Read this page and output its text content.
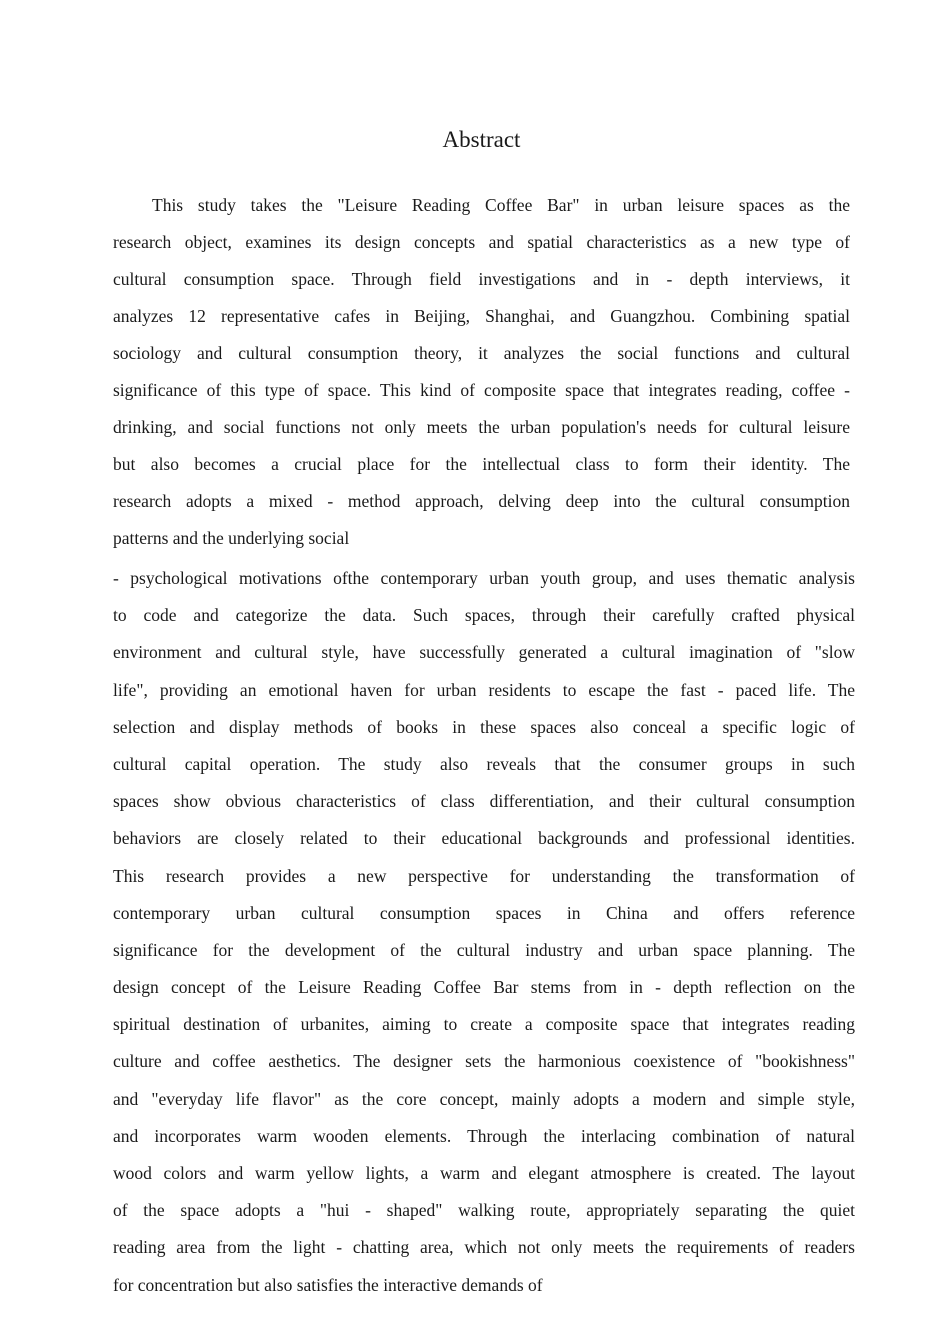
Abstract
This study takes the "Leisure Reading Coffee Bar" in urban leisure spaces as the
research object, examines its design concepts and spatial characteristics as a new type of
cultural consumption space. Through field investigations and in - depth interviews, it
analyzes 12 representative cafes in Beijing, Shanghai, and Guangzhou. Combining spatial
sociology and cultural consumption theory, it analyzes the social functions and cultural
significance of this type of space. This kind of composite space that integrates reading, coffee -
drinking, and social functions not only meets the urban population's needs for cultural leisure
but also becomes a crucial place for the intellectual class to form their identity. The
research adopts a mixed - method approach, delving deep into the cultural consumption
patterns and the underlying social
- psychological motivations ofthe contemporary urban youth group, and uses thematic analysis
to code and categorize the data. Such spaces, through their carefully crafted physical
environment and cultural style, have successfully generated a cultural imagination of "slow
life", providing an emotional haven for urban residents to escape the fast - paced life. The
selection and display methods of books in these spaces also conceal a specific logic of
cultural capital operation. The study also reveals that the consumer groups in such
spaces show obvious characteristics of class differentiation, and their cultural consumption
behaviors are closely related to their educational backgrounds and professional identities.
This research provides a new perspective for understanding the transformation of
contemporary urban cultural consumption spaces in China and offers reference
significance for the development of the cultural industry and urban space planning. The
design concept of the Leisure Reading Coffee Bar stems from in - depth reflection on the
spiritual destination of urbanites, aiming to create a composite space that integrates reading
culture and coffee aesthetics. The designer sets the harmonious coexistence of "bookishness"
and "everyday life flavor" as the core concept, mainly adopts a modern and simple style,
and incorporates warm wooden elements. Through the interlacing combination of natural
wood colors and warm yellow lights, a warm and elegant atmosphere is created. The layout
of the space adopts a "hui - shaped" walking route, appropriately separating the quiet
reading area from the light - chatting area, which not only meets the requirements of readers
for concentration but also satisfies the interactive demands of
